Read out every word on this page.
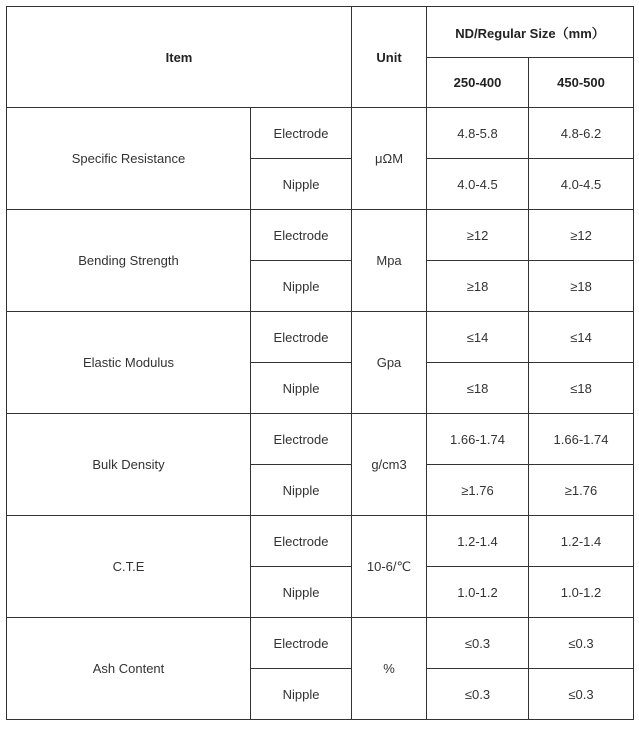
Item		Unit	ND/Regular Size（mm）	
			250-400	450-500
Specific Resistance	Electrode	μΩM	4.8-5.8	4.8-6.2
	Nipple		4.0-4.5	4.0-4.5
Bending Strength	Electrode	Mpa	≥12	≥12
	Nipple		≥18	≥18
Elastic Modulus	Electrode	Gpa	≤14	≤14
	Nipple		≤18	≤18
Bulk Density	Electrode	g/cm3	1.66-1.74	1.66-1.74
	Nipple		≥1.76	≥1.76
C.T.E	Electrode	10-6/℃	1.2-1.4	1.2-1.4
	Nipple		1.0-1.2	1.0-1.2
Ash Content	Electrode	%	≤0.3	≤0.3
	Nipple		≤0.3	≤0.3
